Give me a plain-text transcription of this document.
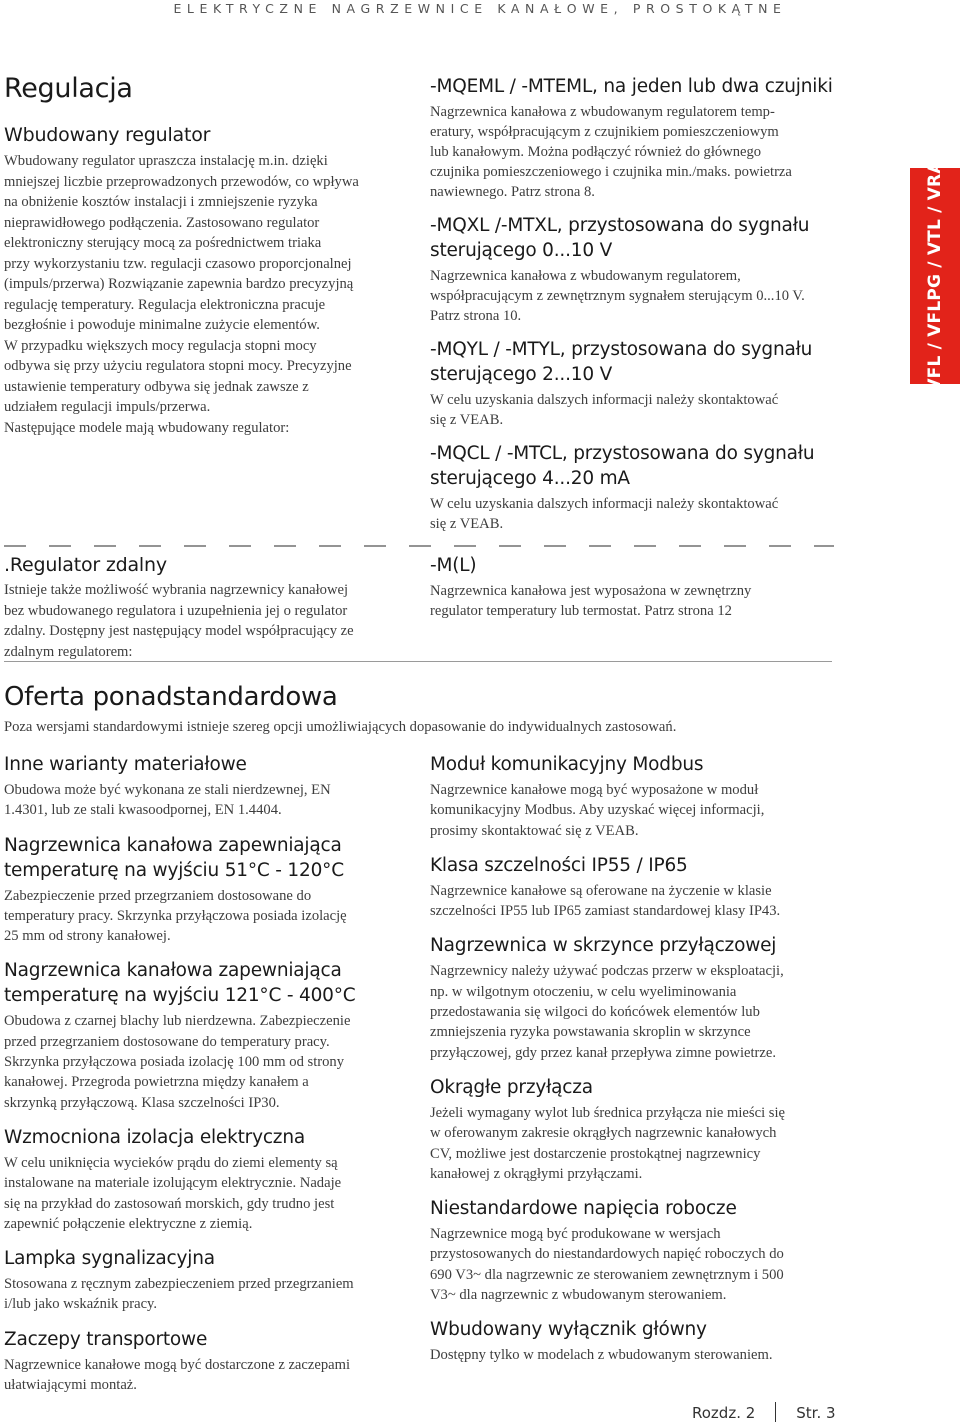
ELEKTRYCZNE NAGRZEWNICE KANAŁOWE, PROSTOKĄTNE
VFL / VFLPG / VTL / VRA
Regulacja
Wbudowany regulator
Wbudowany regulator upraszcza instalację m.in. dzięki
mniejszej liczbie przeprowadzonych przewodów, co wpływa
na obniżenie kosztów instalacji i zmniejszenie ryzyka
nieprawidłowego podłączenia. Zastosowano regulator
elektroniczny sterujący mocą za pośrednictwem triaka
przy wykorzystaniu tzw. regulacji czasowo proporcjonalnej
(impuls/przerwa) Rozwiązanie zapewnia bardzo precyzyjną
regulację temperatury. Regulacja elektroniczna pracuje
bezgłośnie i powoduje minimalne zużycie elementów.
W przypadku większych mocy regulacja stopni mocy
odbywa się przy użyciu regulatora stopni mocy. Precyzyjne
ustawienie temperatury odbywa się jednak zawsze z
udziałem regulacji impuls/przerwa.
Następujące modele mają wbudowany regulator:
.Regulator zdalny
Istnieje także możliwość wybrania nagrzewnicy kanałowej
bez wbudowanego regulatora i uzupełnienia jej o regulator
zdalny. Dostępny jest następujący model współpracujący ze
zdalnym regulatorem:
-MQEML / -MTEML, na jeden lub dwa czujniki
Nagrzewnica kanałowa z wbudowanym regulatorem temp-
eratury, współpracującym z czujnikiem pomieszczeniowym
lub kanałowym. Można podłączyć również do głównego
czujnika pomieszczeniowego i czujnika min./maks. powietrza
nawiewnego. Patrz strona 8.
-MQXL /-MTXL, przystosowana do sygnału
sterującego 0...10 V
Nagrzewnica kanałowa z wbudowanym regulatorem,
współpracującym z zewnętrznym sygnałem sterującym 0...10 V.
Patrz strona 10.
-MQYL / -MTYL, przystosowana do sygnału
sterującego 2...10 V
W celu uzyskania dalszych informacji należy skontaktować
się z VEAB.
-MQCL / -MTCL, przystosowana do sygnału
sterującego 4...20 mA
W celu uzyskania dalszych informacji należy skontaktować
się z VEAB.
-M(L)
Nagrzewnica kanałowa jest wyposażona w zewnętrzny
regulator temperatury lub termostat. Patrz strona 12
Oferta ponadstandardowa
Poza wersjami standardowymi istnieje szereg opcji umożliwiających dopasowanie do indywidualnych zastosowań.
Inne warianty materiałowe
Obudowa może być wykonana ze stali nierdzewnej, EN
1.4301, lub ze stali kwasoodpornej, EN 1.4404.
Nagrzewnica kanałowa zapewniająca
temperaturę na wyjściu 51°C - 120°C
Zabezpieczenie przed przegrzaniem dostosowane do
temperatury pracy. Skrzynka przyłączowa posiada izolację
25 mm od strony kanałowej.
Nagrzewnica kanałowa zapewniająca
temperaturę na wyjściu 121°C - 400°C
Obudowa z czarnej blachy lub nierdzewna. Zabezpieczenie
przed przegrzaniem dostosowane do temperatury pracy.
Skrzynka przyłączowa posiada izolację 100 mm od strony
kanałowej. Przegroda powietrzna między kanałem a
skrzynką przyłączową. Klasa szczelności IP30.
Wzmocniona izolacja elektryczna
W celu uniknięcia wycieków prądu do ziemi elementy są
instalowane na materiale izolującym elektrycznie. Nadaje
się na przykład do zastosowań morskich, gdy trudno jest
zapewnić połączenie elektryczne z ziemią.
Lampka sygnalizacyjna
Stosowana z ręcznym zabezpieczeniem przed przegrzaniem
i/lub jako wskaźnik pracy.
Zaczepy transportowe
Nagrzewnice kanałowe mogą być dostarczone z zaczepami
ułatwiającymi montaż.
Moduł komunikacyjny Modbus
Nagrzewnice kanałowe mogą być wyposażone w moduł
komunikacyjny Modbus. Aby uzyskać więcej informacji,
prosimy skontaktować się z VEAB.
Klasa szczelności IP55 / IP65
Nagrzewnice kanałowe są oferowane na życzenie w klasie
szczelności IP55 lub IP65 zamiast standardowej klasy IP43.
Nagrzewnica w skrzynce przyłączowej
Nagrzewnicy należy używać podczas przerw w eksploatacji,
np. w wilgotnym otoczeniu, w celu wyeliminowania
przedostawania się wilgoci do końcówek elementów lub
zmniejszenia ryzyka powstawania skroplin w skrzynce
przyłączowej, gdy przez kanał przepływa zimne powietrze.
Okrągłe przyłącza
Jeżeli wymagany wylot lub średnica przyłącza nie mieści się
w oferowanym zakresie okrągłych nagrzewnic kanałowych
CV, możliwe jest dostarczenie prostokątnej nagrzewnicy
kanałowej z okrągłymi przyłączami.
Niestandardowe napięcia robocze
Nagrzewnice mogą być produkowane w wersjach
przystosowanych do niestandardowych napięć roboczych do
690 V3~ dla nagrzewnic ze sterowaniem zewnętrznym i 500
V3~ dla nagrzewnic z wbudowanym sterowaniem.
Wbudowany wyłącznik główny
Dostępny tylko w modelach z wbudowanym sterowaniem.
Rozdz. 2	Str. 3
